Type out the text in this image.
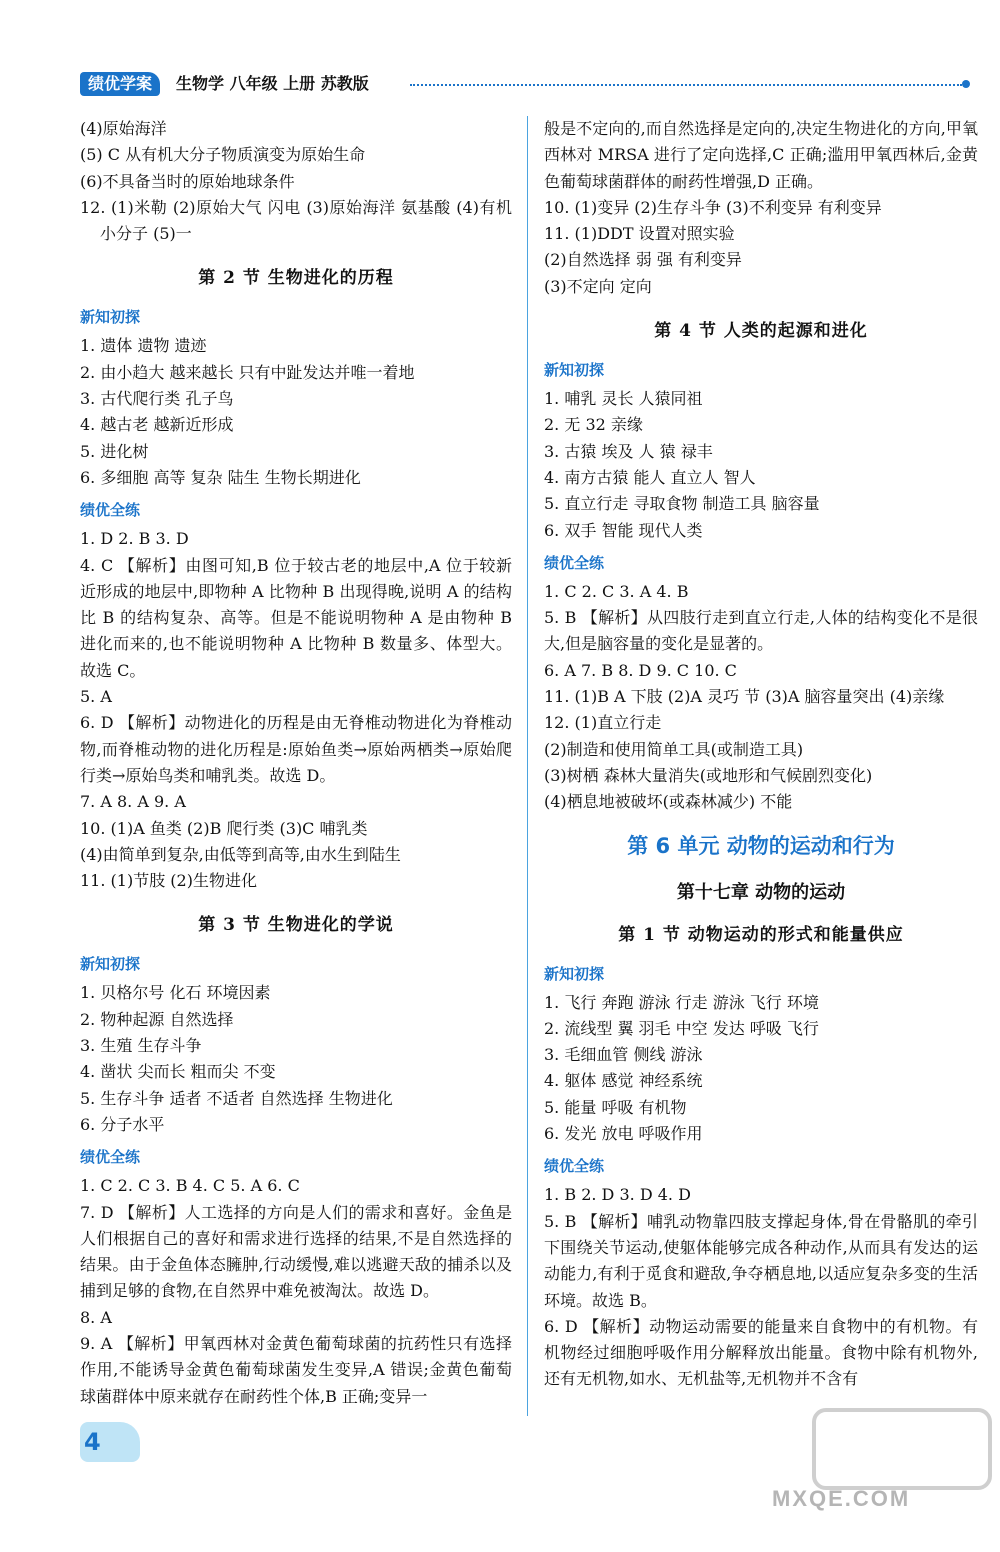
绩优学案	生物学 八年级 上册 苏教版
(4)原始海洋
(5) C 从有机大分子物质演变为原始生命
(6)不具备当时的原始地球条件
12. (1)米勒 (2)原始大气 闪电 (3)原始海洋 氨基酸 (4)有机小分子 (5)一
第 2 节 生物进化的历程
新知初探
1. 遗体 遗物 遗迹
2. 由小趋大 越来越长 只有中趾发达并唯一着地
3. 古代爬行类 孔子鸟
4. 越古老 越新近形成
5. 进化树
6. 多细胞 高等 复杂 陆生 生物长期进化
绩优全练
1. D 2. B 3. D
4. C 【解析】由图可知,B 位于较古老的地层中,A 位于较新近形成的地层中,即物种 A 比物种 B 出现得晚,说明 A 的结构比 B 的结构复杂、高等。但是不能说明物种 A 是由物种 B 进化而来的,也不能说明物种 A 比物种 B 数量多、体型大。故选 C。
5. A
6. D 【解析】动物进化的历程是由无脊椎动物进化为脊椎动物,而脊椎动物的进化历程是:原始鱼类→原始两栖类→原始爬行类→原始鸟类和哺乳类。故选 D。
7. A 8. A 9. A
10. (1)A 鱼类 (2)B 爬行类 (3)C 哺乳类
(4)由简单到复杂,由低等到高等,由水生到陆生
11. (1)节肢 (2)生物进化
第 3 节 生物进化的学说
新知初探
1. 贝格尔号 化石 环境因素
2. 物种起源 自然选择
3. 生殖 生存斗争
4. 凿状 尖而长 粗而尖 不变
5. 生存斗争 适者 不适者 自然选择 生物进化
6. 分子水平
绩优全练
1. C 2. C 3. B 4. C 5. A 6. C
7. D 【解析】人工选择的方向是人们的需求和喜好。金鱼是人们根据自己的喜好和需求进行选择的结果,不是自然选择的结果。由于金鱼体态臃肿,行动缓慢,难以逃避天敌的捕杀以及捕到足够的食物,在自然界中难免被淘汰。故选 D。
8. A
9. A 【解析】甲氧西林对金黄色葡萄球菌的抗药性只有选择作用,不能诱导金黄色葡萄球菌发生变异,A 错误;金黄色葡萄球菌群体中原来就存在耐药性个体,B 正确;变异一
般是不定向的,而自然选择是定向的,决定生物进化的方向,甲氧西林对 MRSA 进行了定向选择,C 正确;滥用甲氧西林后,金黄色葡萄球菌群体的耐药性增强,D 正确。
10. (1)变异 (2)生存斗争 (3)不利变异 有利变异
11. (1)DDT 设置对照实验
(2)自然选择 弱 强 有利变异
(3)不定向 定向
第 4 节 人类的起源和进化
新知初探
1. 哺乳 灵长 人猿同祖
2. 无 32 亲缘
3. 古猿 埃及 人 猿 禄丰
4. 南方古猿 能人 直立人 智人
5. 直立行走 寻取食物 制造工具 脑容量
6. 双手 智能 现代人类
绩优全练
1. C 2. C 3. A 4. B
5. B 【解析】从四肢行走到直立行走,人体的结构变化不是很大,但是脑容量的变化是显著的。
6. A 7. B 8. D 9. C 10. C
11. (1)B A 下肢 (2)A 灵巧 节 (3)A 脑容量突出 (4)亲缘
12. (1)直立行走
(2)制造和使用简单工具(或制造工具)
(3)树栖 森林大量消失(或地形和气候剧烈变化)
(4)栖息地被破坏(或森林减少) 不能
第 6 单元 动物的运动和行为
第十七章 动物的运动
第 1 节 动物运动的形式和能量供应
新知初探
1. 飞行 奔跑 游泳 行走 游泳 飞行 环境
2. 流线型 翼 羽毛 中空 发达 呼吸 飞行
3. 毛细血管 侧线 游泳
4. 躯体 感觉 神经系统
5. 能量 呼吸 有机物
6. 发光 放电 呼吸作用
绩优全练
1. B 2. D 3. D 4. D
5. B 【解析】哺乳动物靠四肢支撑起身体,骨在骨骼肌的牵引下围绕关节运动,使躯体能够完成各种动作,从而具有发达的运动能力,有利于觅食和避敌,争夺栖息地,以适应复杂多变的生活环境。故选 B。
6. D 【解析】动物运动需要的能量来自食物中的有机物。有机物经过细胞呼吸作用分解释放出能量。食物中除有机物外,还有无机物,如水、无机盐等,无机物并不含有
4
MXQE.COM
